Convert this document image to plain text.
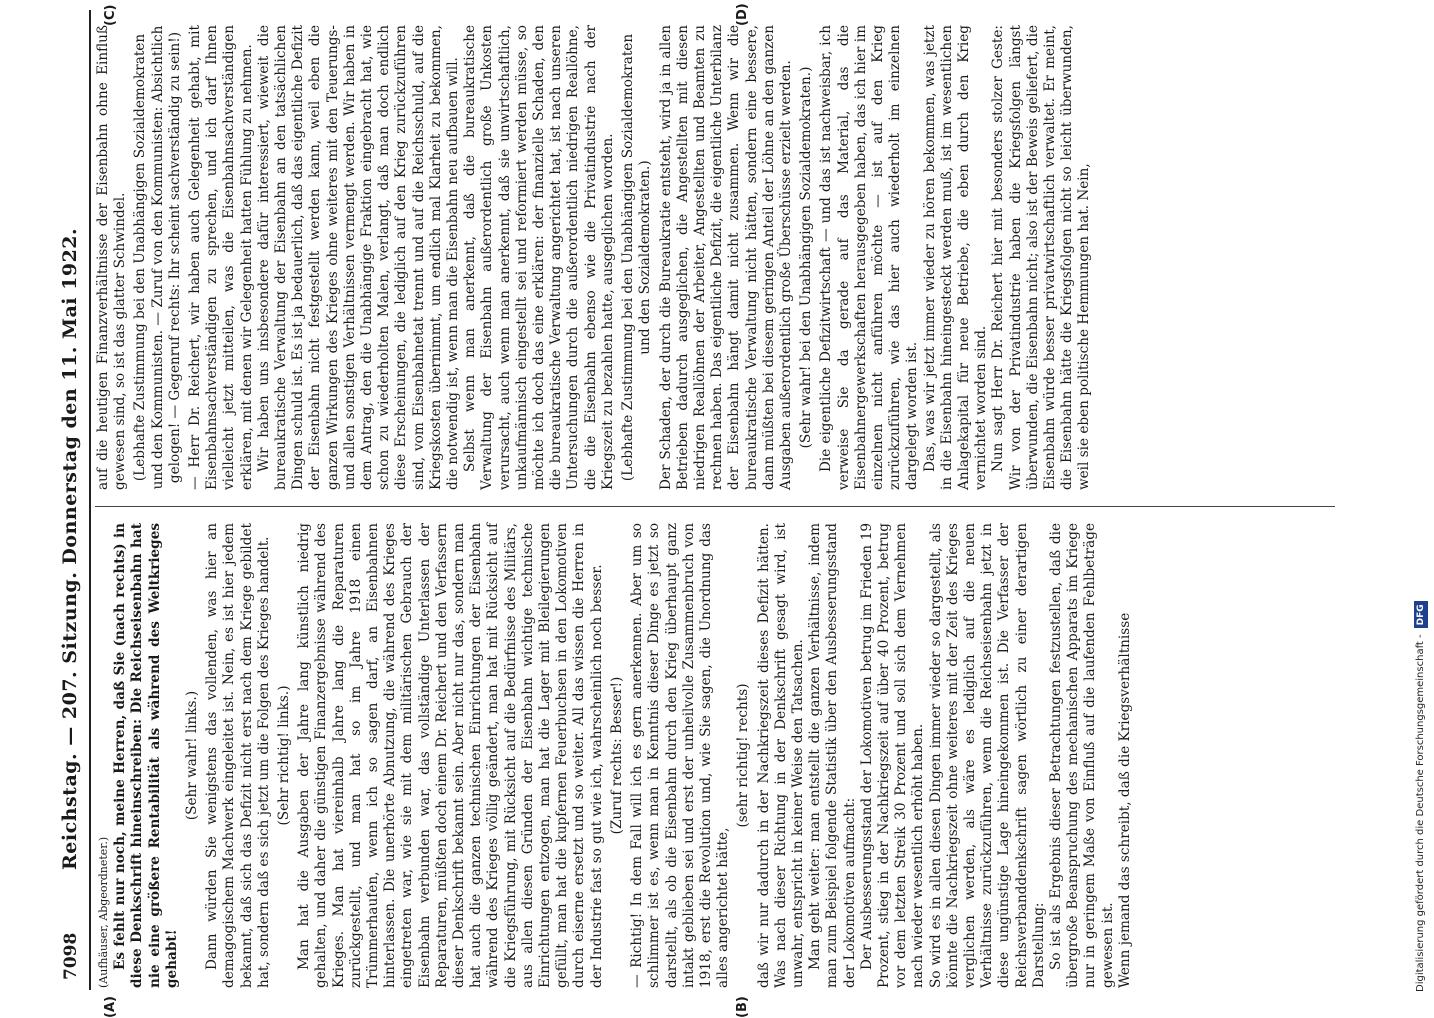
7098
Reichstag. — 207. Sitzung. Donnerstag den 11. Mai 1922.
(A)	(B)
(C)	(D)

(Aufhäuser, Abgeordneter.) Es fehlt nur noch, meine Herren, daß Sie (nach rechts) in diese Denkschrift hineinschreiben: Die Reichseisenbahn hat nie eine größere Rentabilität als während des Weltkrieges gehabt!

(Sehr wahr! links.) Dann würden Sie wenigstens das vollenden, was hier an demagogischem Machwerk eingeleitet ist. Nein, es ist hier jedem bekannt, daß sich das Defizit nicht erst nach dem Kriege gebildet hat, sondern daß es sich jetzt um die Folgen des Krieges handelt. (Sehr richtig! links.) Man hat die Ausgaben der Jahre lang künstlich niedrig gehalten, und daher die günstigen Finanzergebnisse während des Krieges. Man hat viereinhalb Jahre lang die Reparaturen zurückgestellt, und man hat so im Jahre 1918 einen Trümmerhaufen, wenn ich so sagen darf, an Eisenbahnen hinterlassen. Die unerhörte Abnutzung, die während des Krieges eingetreten war, wie sie mit dem militärischen Gebrauch der Eisenbahn verbunden war, das vollständige Unterlassen der Reparaturen, müßten doch einem Dr. Reichert und den Verfassern dieser Denkschrift bekannt sein. Aber nicht nur das, sondern man hat auch die ganzen technischen Einrichtungen der Eisenbahn während des Krieges völlig geändert, man hat mit Rücksicht auf die Kriegsführung, mit Rücksicht auf die Bedürfnisse des Militärs, aus allen diesen Gründen der Eisenbahn wichtige technische Einrichtungen entzogen, man hat die Lager mit Bleilegierungen gefüllt, man hat die kupfernen Feuerbuchsen in den Lokomotiven durch eiserne ersetzt und so weiter. All das wissen die Herren in der Industrie fast so gut wie ich, wahrscheinlich noch besser. (Zuruf rechts: Besser!) — Richtig! In dem Fall will ich es gern anerkennen. Aber um so schlimmer ist es, wenn man in Kenntnis dieser Dinge es jetzt so darstellt, als ob die Eisenbahn durch den Krieg überhaupt ganz intakt geblieben sei und erst der unheilvolle Zusammenbruch von 1918, erst die Revolution und, wie Sie sagen, die Unordnung das alles angerichtet hätte,

(sehr richtig! rechts) daß wir nur dadurch in der Nachkriegszeit dieses Defizit hätten. Was nach dieser Richtung in der Denkschrift gesagt wird, ist unwahr, entspricht in keiner Weise den Tatsachen. Man geht weiter: man entstellt die ganzen Verhältnisse, indem man zum Beispiel folgende Statistik über den Ausbesserungsstand der Lokomotiven aufmacht: Der Ausbesserungsstand der Lokomotiven betrug im Frieden 19 Prozent, stieg in der Nachkriegszeit auf über 40 Prozent, betrug vor dem letzten Streik 30 Prozent und soll sich dem Vernehmen nach wieder wesentlich erhöht haben. So wird es in allen diesen Dingen immer wieder so dargestellt, als könnte die Nachkriegszeit ohne weiteres mit der Zeit des Krieges verglichen werden, als wäre es lediglich auf die neuen Verhältnisse zurückzuführen, wenn die Reichseisenbahn jetzt in diese ungünstige Lage hineingekommen ist. Die Verfasser der Reichsverbanddenkschrift sagen wörtlich zu einer derartigen Darstellung: So ist als Ergebnis dieser Betrachtungen festzustellen, daß die übergroße Beanspruchung des mechanischen Apparats im Kriege nur in geringem Maße von Einfluß auf die laufenden Fehlbeträge gewesen ist. Wenn jemand das schreibt, daß die Kriegsverhältnisse

auf die heutigen Finanzverhältnisse der Eisenbahn ohne Einfluß gewesen sind, so ist das glatter Schwindel. (Lebhafte Zustimmung bei den Unabhängigen Sozialdemokraten und den Kommunisten. — Zuruf von den Kommunisten: Absichtlich gelogen! — Gegenruf rechts: Ihr scheint sachverständig zu sein!) — Herr Dr. Reichert, wir haben auch Gelegenheit gehabt, mit Eisenbahnsachverständigen zu sprechen, und ich darf Ihnen vielleicht jetzt mitteilen, was die Eisenbahnsachverständigen erklären, mit denen wir Gelegenheit hatten Fühlung zu nehmen. Wir haben uns insbesondere dafür interessiert, wieweit die bureaukratische Verwaltung der Eisenbahn an den tatsächlichen Dingen schuld ist. Es ist ja bedauerlich, daß das eigentliche Defizit der Eisenbahn nicht festgestellt werden kann, weil eben die ganzen Wirkungen des Krieges ohne weiteres mit den Teuerungs- und allen sonstigen Verhältnissen vermengt werden. Wir haben in dem Antrag, den die Unabhängige Fraktion eingebracht hat, wie schon zu wiederholten Malen, verlangt, daß man doch endlich diese Erscheinungen, die lediglich auf den Krieg zurückzuführen sind, vom Eisenbahnetat trennt und auf die Reichsschuld, auf die Kriegskosten übernimmt, um endlich mal Klarheit zu bekommen, die notwendig ist, wenn man die Eisenbahn neu aufbauen will. Selbst wenn man anerkennt, daß die bureaukratische Verwaltung der Eisenbahn außerordentlich große Unkosten verursacht, auch wenn man anerkennt, daß sie unwirtschaftlich, unkaufmännisch eingestellt sei und reformiert werden müsse, so möchte ich doch das eine erklären: der finanzielle Schaden, den die bureaukratische Verwaltung angerichtet hat, ist nach unseren Untersuchungen durch die außerordentlich niedrigen Reallöhne, die die Eisenbahn ebenso wie die Privatindustrie nach der Kriegszeit zu bezahlen hatte, ausgeglichen worden. (Lebhafte Zustimmung bei den Unabhängigen Sozialdemokraten und den Sozialdemokraten.) Der Schaden, der durch die Bureaukratie entsteht, wird ja in allen Betrieben dadurch ausgeglichen, die Angestellten mit diesen niedrigen Reallöhnen der Arbeiter, Angestellten und Beamten zu rechnen haben. Das eigentliche Defizit, die eigentliche Unterbilanz der Eisenbahn hängt damit nicht zusammen. Wenn wir die bureaukratische Verwaltung nicht hätten, sondern eine bessere, dann müßten bei diesem geringen Anteil der Löhne an den ganzen Ausgaben außerordentlich große Überschüsse erzielt werden. (Sehr wahr! bei den Unabhängigen Sozialdemokraten.) Die eigentliche Defizitwirtschaft — und das ist nachweisbar, ich verweise Sie da gerade auf das Material, das die Eisenbahnergewerkschaften herausgegeben haben, das ich hier im einzelnen nicht anführen möchte — ist auf den Krieg zurückzuführen, wie das hier auch wiederholt im einzelnen dargelegt worden ist. Das, was wir jetzt immer wieder zu hören bekommen, was jetzt in die Eisenbahn hineingesteckt werden muß, ist im wesentlichen Anlagekapital für neue Betriebe, die eben durch den Krieg vernichtet worden sind. Nun sagt Herr Dr. Reichert hier mit besonders stolzer Geste: Wir von der Privatindustrie haben die Kriegsfolgen längst überwunden, die Eisenbahn nicht; also ist der Beweis geliefert, die Eisenbahn würde besser privatwirtschaftlich verwaltet. Er meint, die Eisenbahn hätte die Kriegsfolgen nicht so leicht überwunden, weil sie eben politische Hemmungen hat. Nein,

Digitalisierung gefördert durch die Deutsche Forschungsgemeinschaft -DFG
